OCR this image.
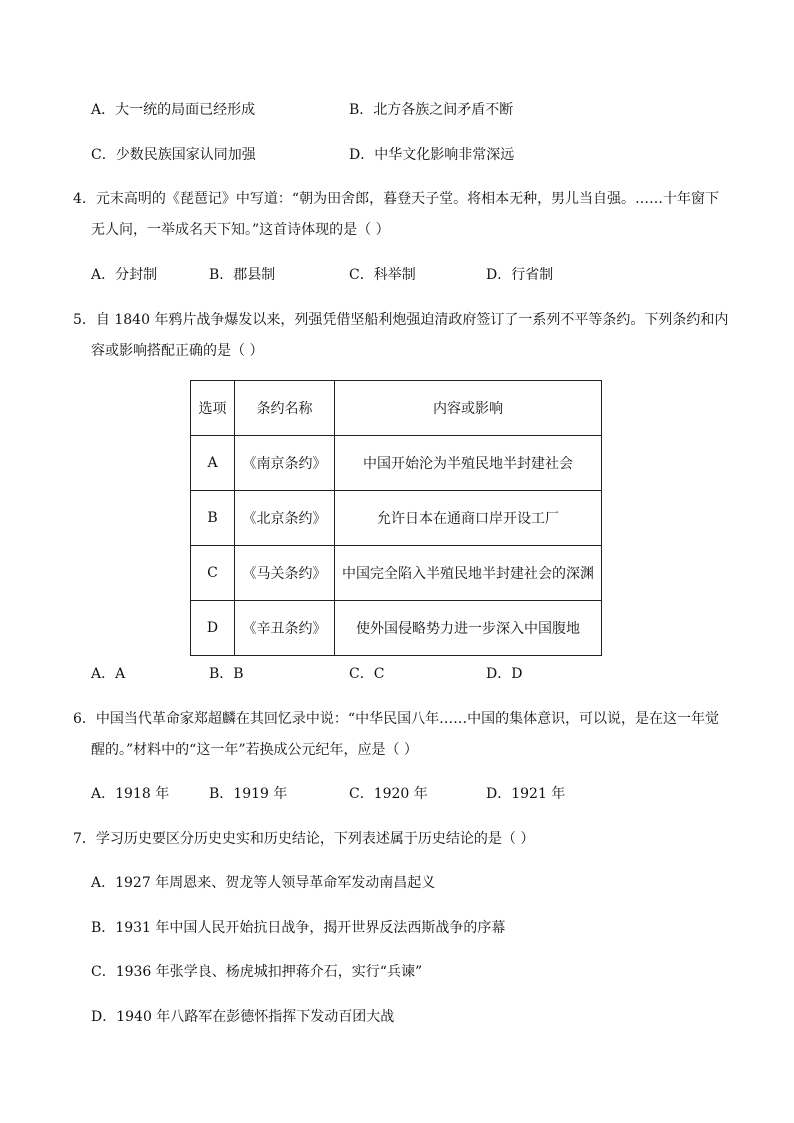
A．大一统的局面已经形成	B．北方各族之间矛盾不断
C．少数民族国家认同加强	D．中华文化影响非常深远
4．元末高明的《琵琶记》中写道：“朝为田舍郎，暮登天子堂。将相本无种，男儿当自强。……十年窗下
无人问，一举成名天下知。”这首诗体现的是（ ）
A．分封制	B．郡县制	C．科举制	D．行省制
5．自 1840 年鸦片战争爆发以来，列强凭借坚船利炮强迫清政府签订了一系列不平等条约。下列条约和内
容或影响搭配正确的是（ ）
选项	条约名称	内容或影响
A	《南京条约》	中国开始沦为半殖民地半封建社会
B	《北京条约》	允许日本在通商口岸开设工厂
C	《马关条约》	中国完全陷入半殖民地半封建社会的深渊
D	《辛丑条约》	使外国侵略势力进一步深入中国腹地
A．A	B．B	C．C	D．D
6．中国当代革命家郑超麟在其回忆录中说：“中华民国八年……中国的集体意识，可以说，是在这一年觉
醒的。”材料中的“这一年”若换成公元纪年，应是（ ）
A．1918 年	B．1919 年	C．1920 年	D．1921 年
7．学习历史要区分历史史实和历史结论，下列表述属于历史结论的是（ ）
A．1927 年周恩来、贺龙等人领导革命军发动南昌起义
B．1931 年中国人民开始抗日战争，揭开世界反法西斯战争的序幕
C．1936 年张学良、杨虎城扣押蒋介石，实行“兵谏”
D．1940 年八路军在彭德怀指挥下发动百团大战
